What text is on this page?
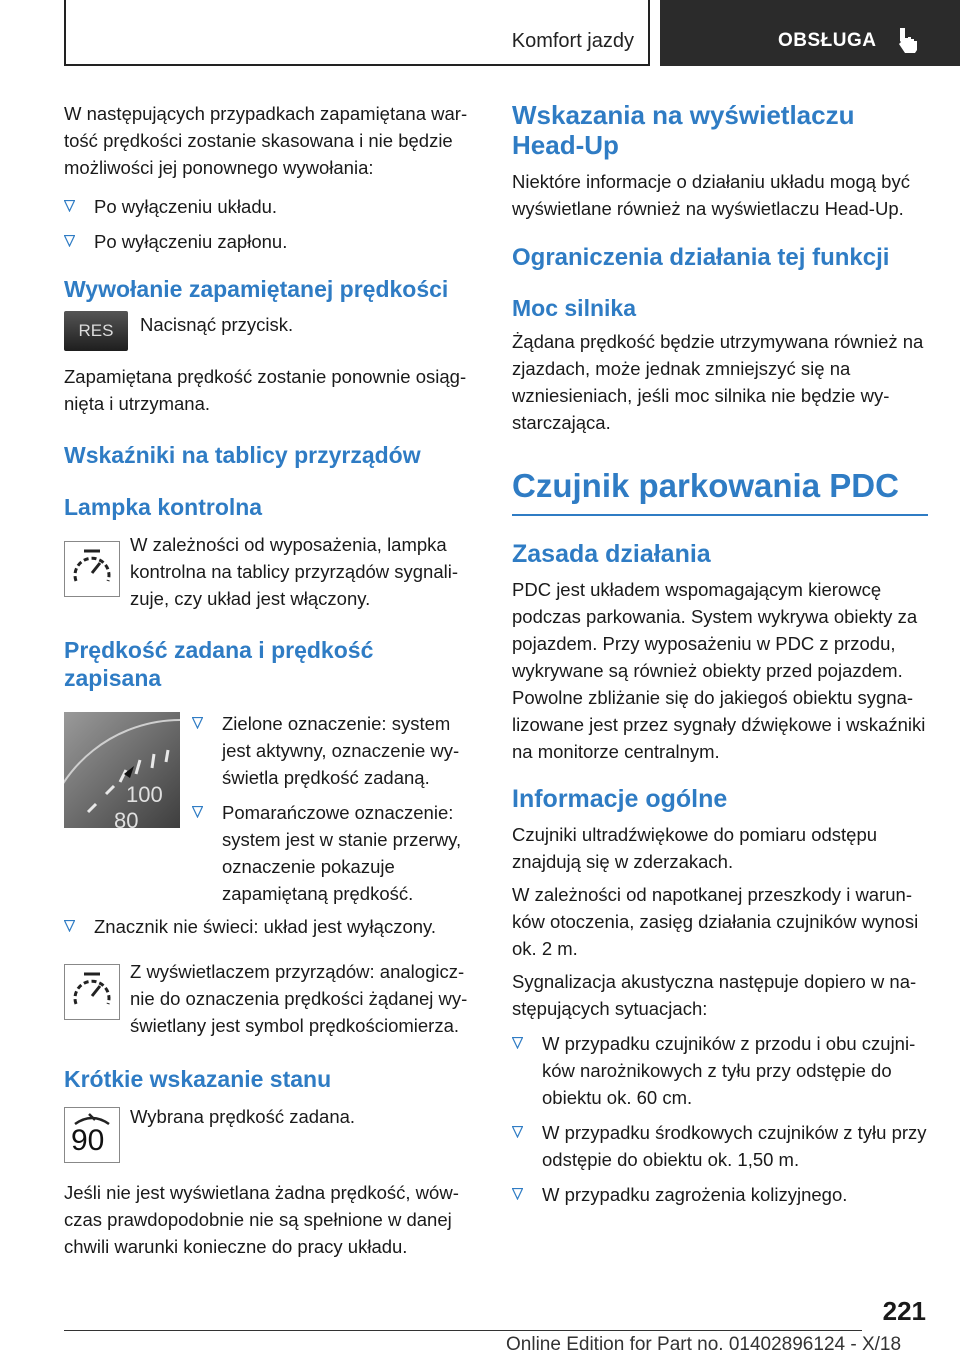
Komfort jazdy	OBSŁUGA

W następujących przypadkach zapamiętana wartość prędkości zostanie skasowana i nie będzie możliwości jej ponownego wywołania:

Po wyłączeniu układu.
Po wyłączeniu zapłonu.
Wywołanie zapamiętanej prędkości
RES Nacisnąć przycisk.

Zapamiętana prędkość zostanie ponownie osiągnięta i utrzymana.

Wskaźniki na tablicy przyrządów
Lampka kontrolna
W zależności od wyposażenia, lampka kontrolna na tablicy przyrządów sygnalizuje, czy układ jest włączony.
Prędkość zadana i prędkość zapisana
100
80
Zielone oznaczenie: system jest aktywny, oznaczenie wyświetla prędkość zadaną.
Pomarańczowe oznaczenie: system jest w stanie przerwy, oznaczenie pokazuje zapamiętaną prędkość.
Znacznik nie świeci: układ jest wyłączony.
Z wyświetlaczem przyrządów: analogicznie do oznaczenia prędkości żądanej wyświetlany jest symbol prędkościomierza.
Krótkie wskazanie stanu
90
Wybrana prędkość zadana.

Jeśli nie jest wyświetlana żadna prędkość, wówczas prawdopodobnie nie są spełnione w danej chwili warunki konieczne do pracy układu.

Wskazania na wyświetlaczu Head-Up

Niektóre informacje o działaniu układu mogą być wyświetlane również na wyświetlaczu Head-Up.

Ograniczenia działania tej funkcji
Moc silnika

Żądana prędkość będzie utrzymywana również na zjazdach, może jednak zmniejszyć się na wzniesieniach, jeśli moc silnika nie będzie wystarczająca.

Czujnik parkowania PDC
Zasada działania

PDC jest układem wspomagającym kierowcę podczas parkowania. System wykrywa obiekty za pojazdem. Przy wyposażeniu w PDC z przodu, wykrywane są również obiekty przed pojazdem. Powolne zbliżanie się do jakiegoś obiektu sygnalizowane jest przez sygnały dźwiękowe i wskaźniki na monitorze centralnym.

Informacje ogólne

Czujniki ultradźwiękowe do pomiaru odstępu znajdują się w zderzakach.

W zależności od napotkanej przeszkody i warunków otoczenia, zasięg działania czujników wynosi ok. 2 m.

Sygnalizacja akustyczna następuje dopiero w następujących sytuacjach:

W przypadku czujników z przodu i obu czujników narożnikowych z tyłu przy odstępie do obiektu ok. 60 cm.
W przypadku środkowych czujników z tyłu przy odstępie do obiektu ok. 1,50 m.
W przypadku zagrożenia kolizyjnego.
221
Online Edition for Part no. 01402896124 - X/18
